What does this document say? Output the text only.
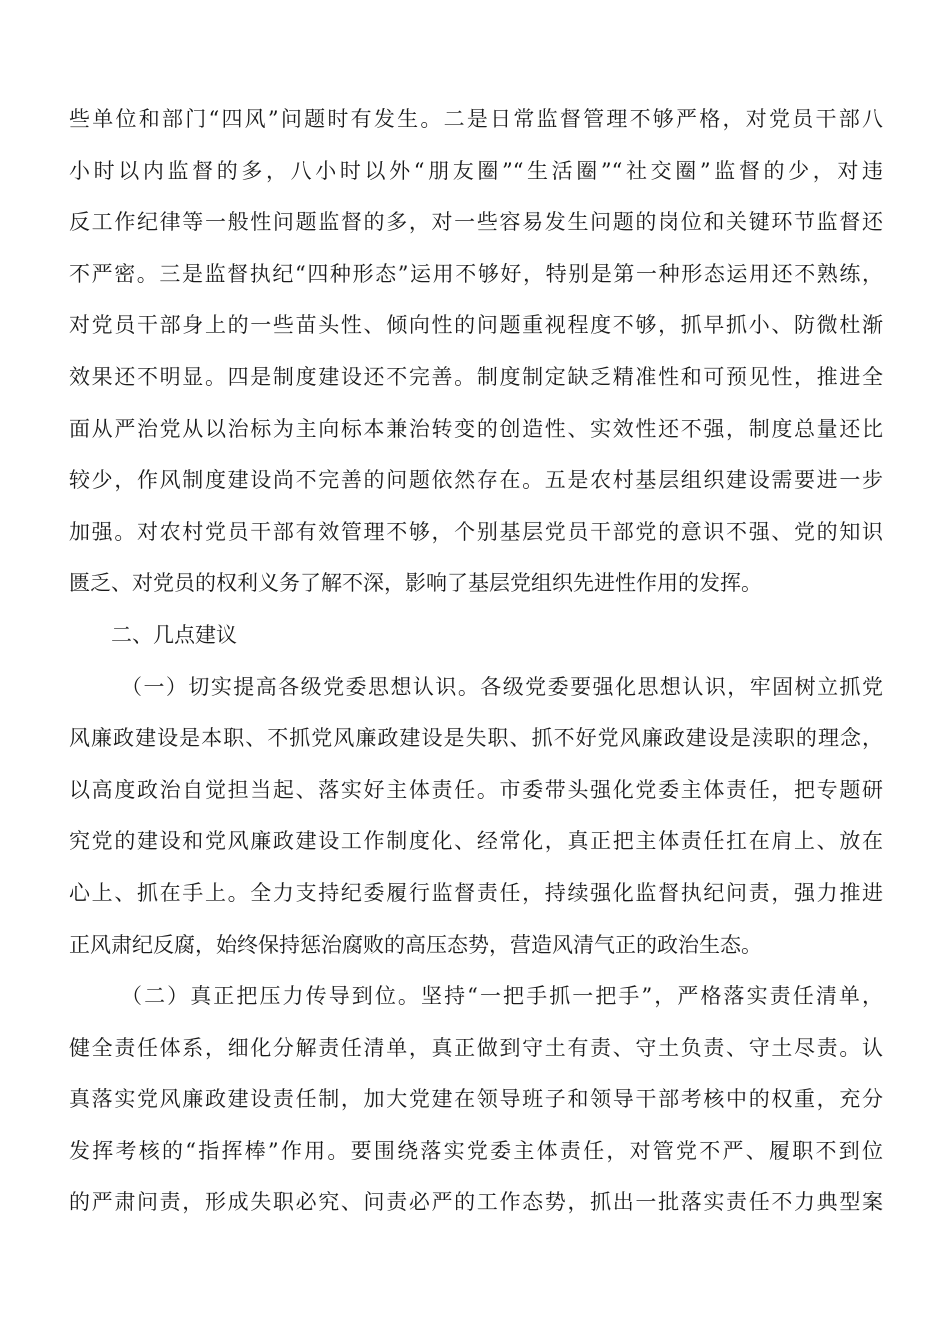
些单位和部门“四风”问题时有发生。二是日常监督管理不够严格，对党员干部八
小时以内监督的多，八小时以外“朋友圈”“生活圈”“社交圈”监督的少，对违
反工作纪律等一般性问题监督的多，对一些容易发生问题的岗位和关键环节监督还
不严密。三是监督执纪“四种形态”运用不够好，特别是第一种形态运用还不熟练，
对党员干部身上的一些苗头性、倾向性的问题重视程度不够，抓早抓小、防微杜渐
效果还不明显。四是制度建设还不完善。制度制定缺乏精准性和可预见性，推进全
面从严治党从以治标为主向标本兼治转变的创造性、实效性还不强，制度总量还比
较少，作风制度建设尚不完善的问题依然存在。五是农村基层组织建设需要进一步
加强。对农村党员干部有效管理不够，个别基层党员干部党的意识不强、党的知识
匮乏、对党员的权利义务了解不深，影响了基层党组织先进性作用的发挥。
二、几点建议
（一）切实提高各级党委思想认识。各级党委要强化思想认识，牢固树立抓党
风廉政建设是本职、不抓党风廉政建设是失职、抓不好党风廉政建设是渎职的理念，
以高度政治自觉担当起、落实好主体责任。市委带头强化党委主体责任，把专题研
究党的建设和党风廉政建设工作制度化、经常化，真正把主体责任扛在肩上、放在
心上、抓在手上。全力支持纪委履行监督责任，持续强化监督执纪问责，强力推进
正风肃纪反腐，始终保持惩治腐败的高压态势，营造风清气正的政治生态。
（二）真正把压力传导到位。坚持“一把手抓一把手”，严格落实责任清单，
健全责任体系，细化分解责任清单，真正做到守土有责、守土负责、守土尽责。认
真落实党风廉政建设责任制，加大党建在领导班子和领导干部考核中的权重，充分
发挥考核的“指挥棒”作用。要围绕落实党委主体责任，对管党不严、履职不到位
的严肃问责，形成失职必究、问责必严的工作态势，抓出一批落实责任不力典型案
